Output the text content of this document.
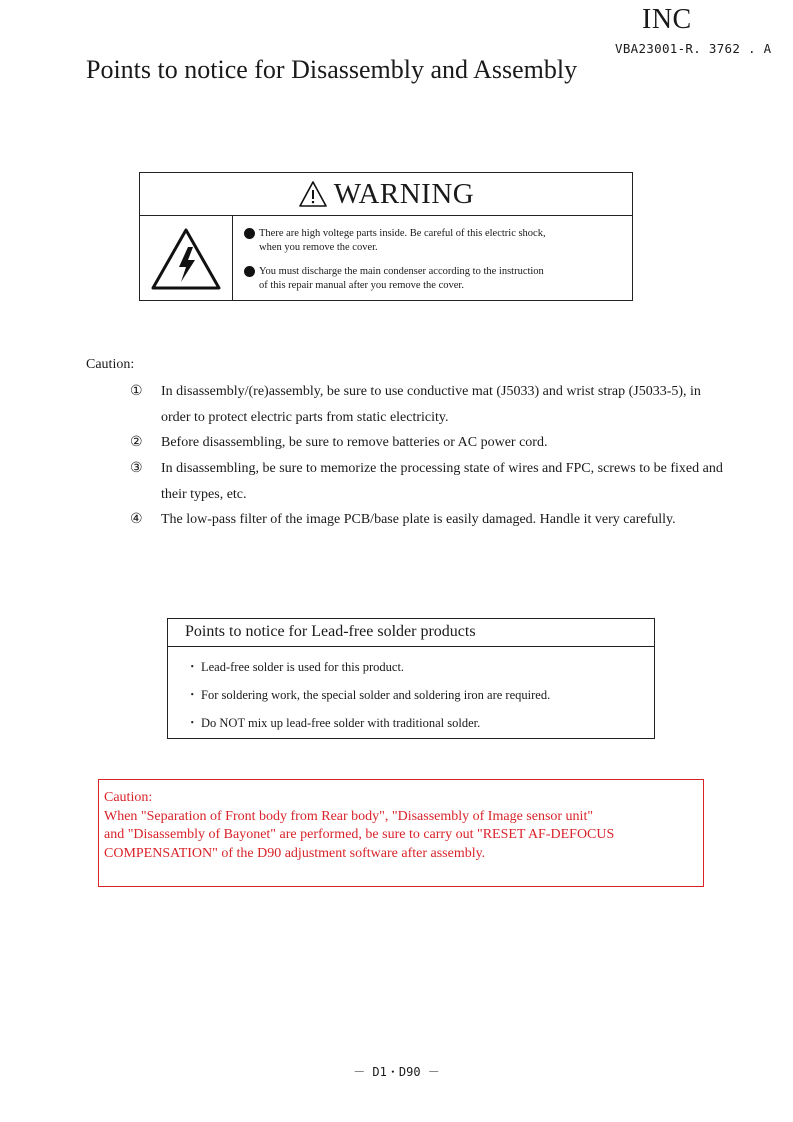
INC
VBA23001-R. 3762 . A
Points to notice for Disassembly and Assembly
WARNING
There are high voltege parts inside. Be careful of this electric shock,
when you remove the cover.
You must discharge the main condenser according to the instruction
of this repair manual after you remove the cover.
Caution:
①	In disassembly/(re)assembly, be sure to use conductive mat (J5033) and wrist strap (J5033-5), in
order to protect electric parts from static electricity.
②	Before disassembling, be sure to remove batteries or AC power cord.
③	In disassembling, be sure to memorize the processing state of wires and FPC, screws to be fixed and
their types, etc.
④	The low-pass filter of the image PCB/base plate is easily damaged. Handle it very carefully.
Points to notice for Lead-free solder products
・ Lead-free solder is used for this product.
・ For soldering work, the special solder and soldering iron are required.
・ Do NOT mix up lead-free solder with traditional solder.
Caution:
When "Separation of Front body from Rear body", "Disassembly of Image sensor unit"
and "Disassembly of Bayonet" are performed, be sure to carry out "RESET AF-DEFOCUS
COMPENSATION" of the D90 adjustment software after assembly.
－ D1・D90 －
